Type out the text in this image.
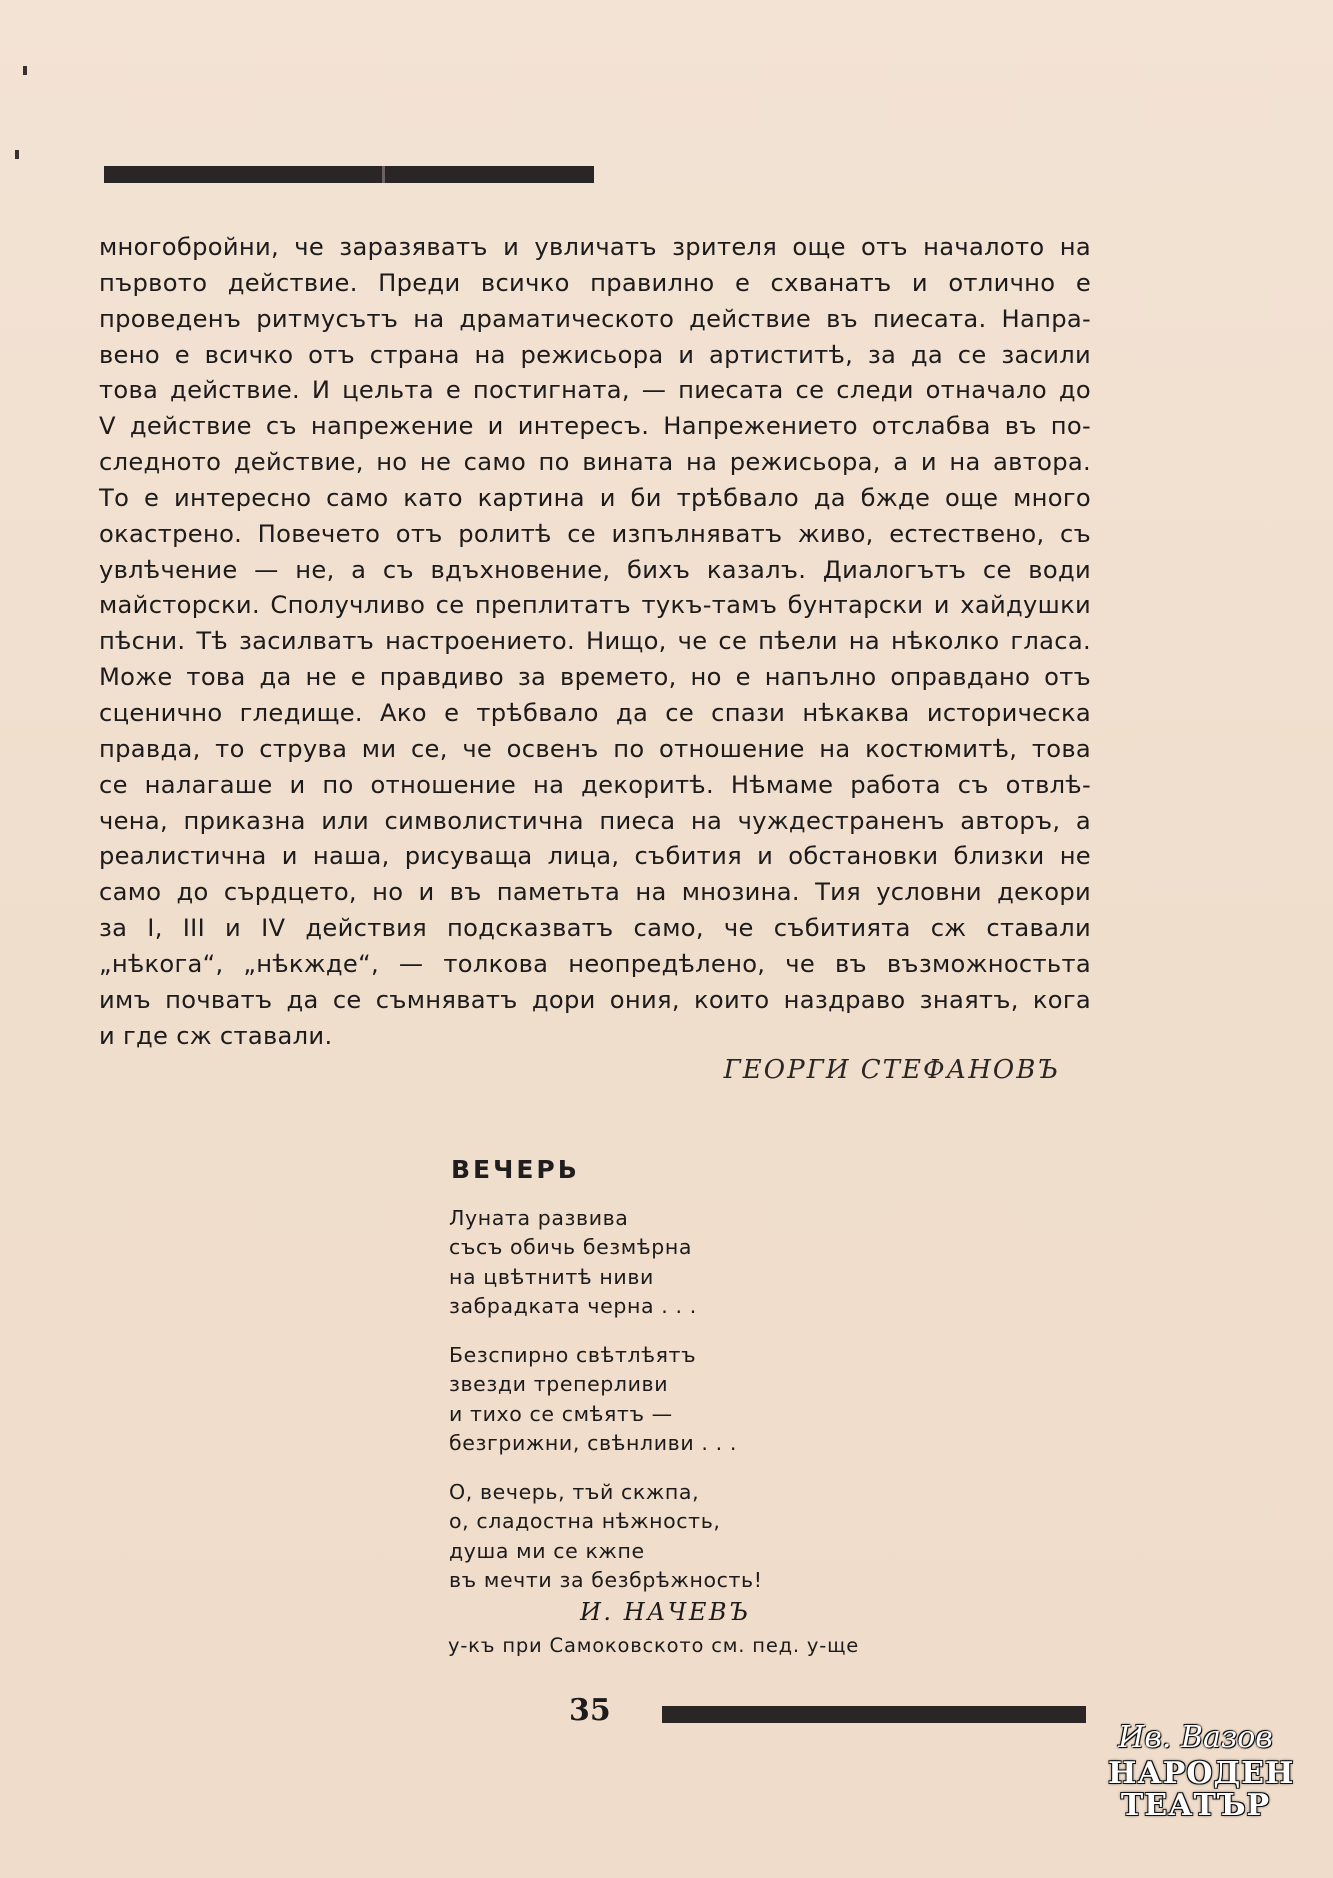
многобройни, че заразяватъ и увличатъ зрителя още отъ началото на
първото действие. Преди всичко правилно е схванатъ и отлично е
проведенъ ритмусътъ на драматическото действие въ пиесата. Напра-
вено е всичко отъ страна на режисьора и артиститѣ, за да се засили
това действие. И цельта е постигната, — пиесата се следи отначало до
V действие съ напрежение и интересъ. Напрежението отслабва въ по-
следното действие, но не само по вината на режисьора, а и на автора.
То е интересно само като картина и би трѣбвало да бжде още много
окастрено. Повечето отъ ролитѣ се изпълняватъ живо, естествено, съ
увлѣчение — не, а съ вдъхновение, бихъ казалъ. Диалогътъ се води
майсторски. Сполучливо се преплитатъ тукъ-тамъ бунтарски и хайдушки
пѣсни. Тѣ засилватъ настроението. Нищо, че се пѣели на нѣколко гласа.
Може това да не е правдиво за времето, но е напълно оправдано отъ
сценично гледище. Ако е трѣбвало да се спази нѣкаква историческа
правда, то струва ми се, че освенъ по отношение на костюмитѣ, това
се налагаше и по отношение на декоритѣ. Нѣмаме работа съ отвлѣ-
чена, приказна или символистична пиеса на чуждестраненъ авторъ, а
реалистична и наша, рисуваща лица, събития и обстановки близки не
само до сърдцето, но и въ паметьта на мнозина. Тия условни декори
за I, III и IV действия подсказватъ само, че събитията сж ставали
„нѣкога“, „нѣкжде“, — толкова неопредѣлено, че въ възможностьта
имъ почватъ да се съмняватъ дори ония, които наздраво знаятъ, кога
и где сж ставали.
ГЕОРГИ СТЕФАНОВЪ
ВЕЧЕРЬ
Луната развива
съсъ обичь безмѣрна
на цвѣтнитѣ ниви
забрадката черна . . .
Безспирно свѣтлѣятъ
звезди треперливи
и тихо се смѣятъ —
безгрижни, свѣнливи . . .
О, вечерь, тъй скжпа,
о, сладостна нѣжность,
душа ми се кжпе
въ мечти за безбрѣжность!
И. НАЧЕВЪ
у-къ при Самоковското см. пед. у-ще
35
Ив. Вазов
НАРОДЕН
ТЕАТЪР
